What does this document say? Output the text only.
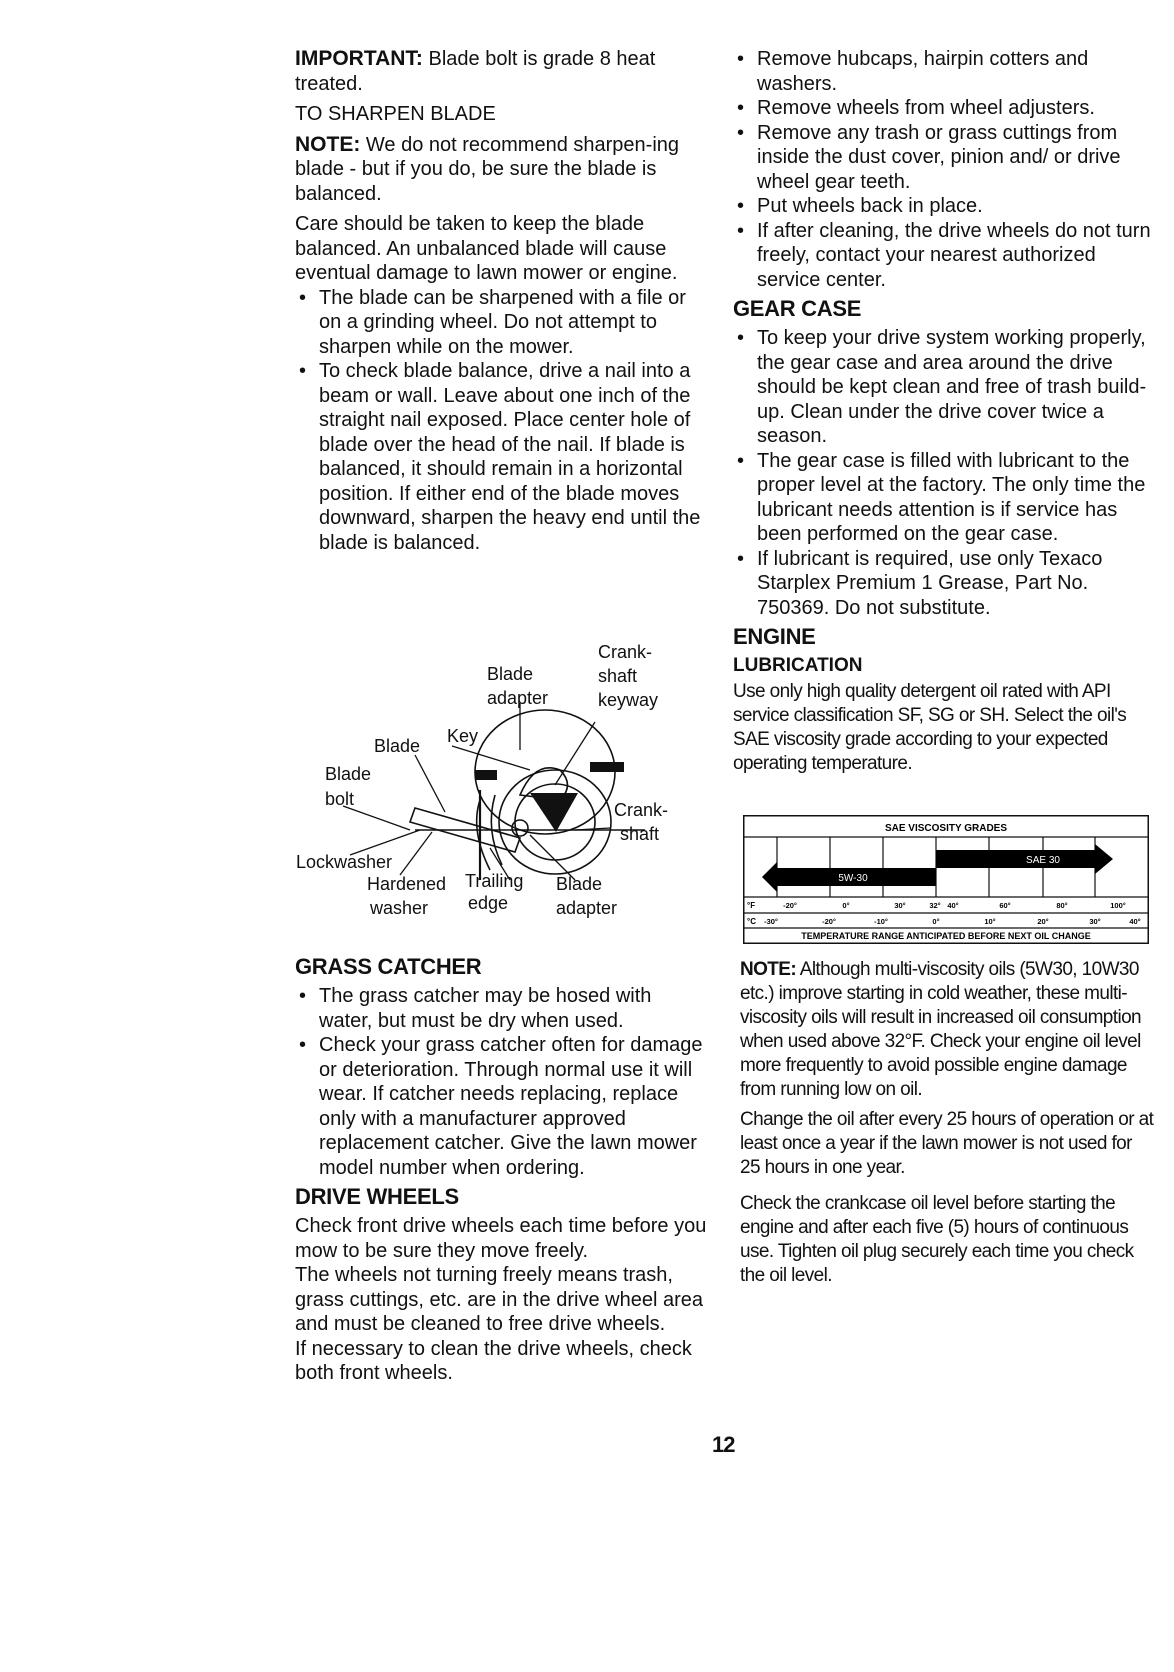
IMPORTANT: Blade bolt is grade 8 heat treated.

TO SHARPEN BLADE

NOTE: We do not recommend sharpen-ing blade - but if you do, be sure the blade is balanced.

Care should be taken to keep the blade balanced. An unbalanced blade will cause eventual damage to lawn mower or engine.

• The blade can be sharpened with a file or on a grinding wheel. Do not attempt to sharpen while on the mower.
• To check blade balance, drive a nail into a beam or wall. Leave about one inch of the straight nail exposed. Place center hole of blade over the head of the nail. If blade is balanced, it should remain in a horizontal position. If either end of the blade moves downward, sharpen the heavy end until the blade is balanced.
Blade
adapter
Crank-
shaft
keyway
Key
Blade
Blade
bolt
Crank-
shaft
Lockwasher
Hardened
washer
Trailing
edge
Blade
adapter
GRASS CATCHER
• The grass catcher may be hosed with water, but must be dry when used.
• Check your grass catcher often for damage or deterioration. Through normal use it will wear. If catcher needs replacing, replace only with a manufacturer approved replacement catcher. Give the lawn mower model number when ordering.
DRIVE WHEELS

Check front drive wheels each time before you mow to be sure they move freely.

The wheels not turning freely means trash, grass cuttings, etc. are in the drive wheel area and must be cleaned to free drive wheels.

If necessary to clean the drive wheels, check both front wheels.

• Remove hubcaps, hairpin cotters and washers.
• Remove wheels from wheel adjusters.
• Remove any trash or grass cuttings from inside the dust cover, pinion and/ or drive wheel gear teeth.
• Put wheels back in place.
• If after cleaning, the drive wheels do not turn freely, contact your nearest authorized service center.
GEAR CASE
• To keep your drive system working properly, the gear case and area around the drive should be kept clean and free of trash build-up. Clean under the drive cover twice a season.
• The gear case is filled with lubricant to the proper level at the factory. The only time the lubricant needs attention is if service has been performed on the gear case.
• If lubricant is required, use only Texaco Starplex Premium 1 Grease, Part No. 750369. Do not substitute.
ENGINE
LUBRICATION

Use only high quality detergent oil rated with API service classification SF, SG or SH. Select the oil's SAE viscosity grade according to your expected operating temperature.

SAE VISCOSITY GRADES
SAE 30
5W-30
°F	-20°	0°	30°	32° 40°	60°	80°	100°
°C -30°	-20°	-10°	0°	10°	20°	30°	40°
TEMPERATURE RANGE ANTICIPATED BEFORE NEXT OIL CHANGE

NOTE: Although multi-viscosity oils (5W30, 10W30 etc.) improve starting in cold weather, these multi-viscosity oils will result in increased oil consumption when used above 32°F. Check your engine oil level more frequently to avoid possible engine damage from running low on oil.

Change the oil after every 25 hours of operation or at least once a year if the lawn mower is not used for 25 hours in one year.

Check the crankcase oil level before starting the engine and after each five (5) hours of continuous use. Tighten oil plug securely each time you check the oil level.

12
